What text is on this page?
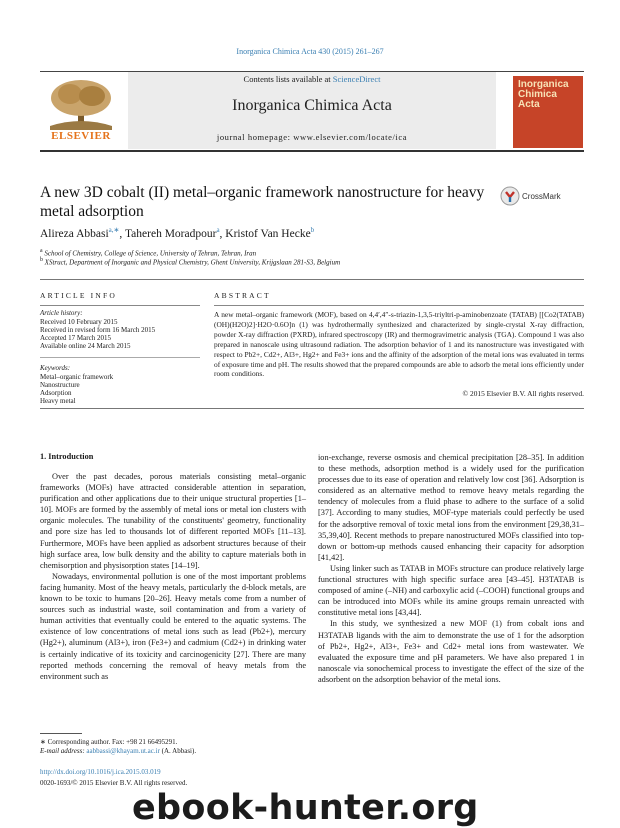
Inorganica Chimica Acta 430 (2015) 261–267
ELSEVIER
Contents lists available at ScienceDirect
Inorganica Chimica Acta
journal homepage: www.elsevier.com/locate/ica
Inorganica Chimica Acta
A new 3D cobalt (II) metal–organic framework nanostructure for heavy metal adsorption
CrossMark
Alireza Abbasi$^{a,∗}$, Tahereh Moradpour$^a$, Kristof Van Hecke$^b$
$^a$ School of Chemistry, College of Science, University of Tehran, Tehran, Iran
$^b$ XStruct, Department of Inorganic and Physical Chemistry, Ghent University, Krijgslaan 281-S3, Belgium
ARTICLE INFO
Article history:
Received 10 February 2015
Received in revised form 16 March 2015
Accepted 17 March 2015
Available online 24 March 2015
Keywords:
Metal–organic framework
Nanostructure
Adsorption
Heavy metal
ABSTRACT
A new metal–organic framework (MOF), based on 4,4′,4″-s-triazin-1,3,5-triyltri-p-aminobenzoate (TATAB) [[Co2(TATAB)(OH)(H2O)2]·H2O·0.6O]n (1) was hydrothermally synthesized and characterized by single-crystal X-ray diffraction, powder X-ray diffraction (PXRD), infrared spectroscopy (IR) and thermogravimetric analysis (TGA). Compound 1 was also prepared in nanoscale using ultrasound radiation. The adsorption behavior of 1 and its nanostructure was investigated with respect to Pb2+, Cd2+, Al3+, Hg2+ and Fe3+ ions and the affinity of the adsorption of the metal ions was evaluated in terms of exposure time and pH. The results showed that the prepared compounds are able to adsorb the metal ions efficiently under room conditions.
© 2015 Elsevier B.V. All rights reserved.
1. Introduction

Over the past decades, porous materials consisting metal–organic frameworks (MOFs) have attracted considerable attention in separation, purification and other applications due to their unique structural properties [1–10]. MOFs are formed by the assembly of metal ions or metal ion clusters with organic molecules. The tunability of the constituents' geometry, functionality and pore size has led to thousands lot of different reported MOFs [11–13]. Furthermore, MOFs have been applied as adsorbent structures because of their high surface area, low bulk density and the ability to capture materials both in chemisorption and physisorption states [14–19].

Nowadays, environmental pollution is one of the most important problems facing humanity. Most of the heavy metals, particularly the d-block metals, are known to be toxic to humans [20–26]. Heavy metals come from a number of sources such as industrial waste, soil contamination and from a variety of human activities that eventually could be entered to the aquatic systems. The existence of low concentrations of metal ions such as lead (Pb2+), mercury (Hg2+), aluminum (Al3+), iron (Fe3+) and cadmium (Cd2+) in drinking water is certainly indicative of its toxicity and carcinogenicity [27]. There are many reported methods concerning the removal of heavy metals from the environment such as

ion-exchange, reverse osmosis and chemical precipitation [28–35]. In addition to these methods, adsorption method is a widely used for the purification processes due to its ease of operation and relatively low cost [36]. Adsorption is considered as an alternative method to remove heavy metals regarding the tendency of molecules from a fluid phase to adhere to the surface of a solid [37]. According to many studies, MOF-type materials could perfectly be used for the adsorptive removal of toxic metal ions from the environment [29,38,31–35,39,40]. Recent methods to prepare nanostructured MOFs classified into top-down or bottom-up methods caused enhancing their capacity for adsorption [41,42].

Using linker such as TATAB in MOFs structure can produce relatively large functional structures with high specific surface area [43–45]. H3TATAB is composed of amine (–NH) and carboxylic acid (–COOH) functional groups and can be introduced into MOFs while its amine groups remain unreacted with constitutive metal ions [43,44].

In this study, we synthesized a new MOF (1) from cobalt ions and H3TATAB ligands with the aim to demonstrate the use of 1 for the adsorption of Pb2+, Hg2+, Al3+, Fe3+ and Cd2+ metal ions from wastewater. We evaluated the exposure time and pH parameters. We have also prepared 1 in nanoscale via sonochemical process to investigate the effect of the size of the adsorbent on the adsorption behavior of the metal ions.

∗ Corresponding author. Fax: +98 21 66495291.
E-mail address: aabbassi@khayam.ut.ac.ir (A. Abbasi).
http://dx.doi.org/10.1016/j.ica.2015.03.019
0020-1693/© 2015 Elsevier B.V. All rights reserved.
ebook-hunter.org
